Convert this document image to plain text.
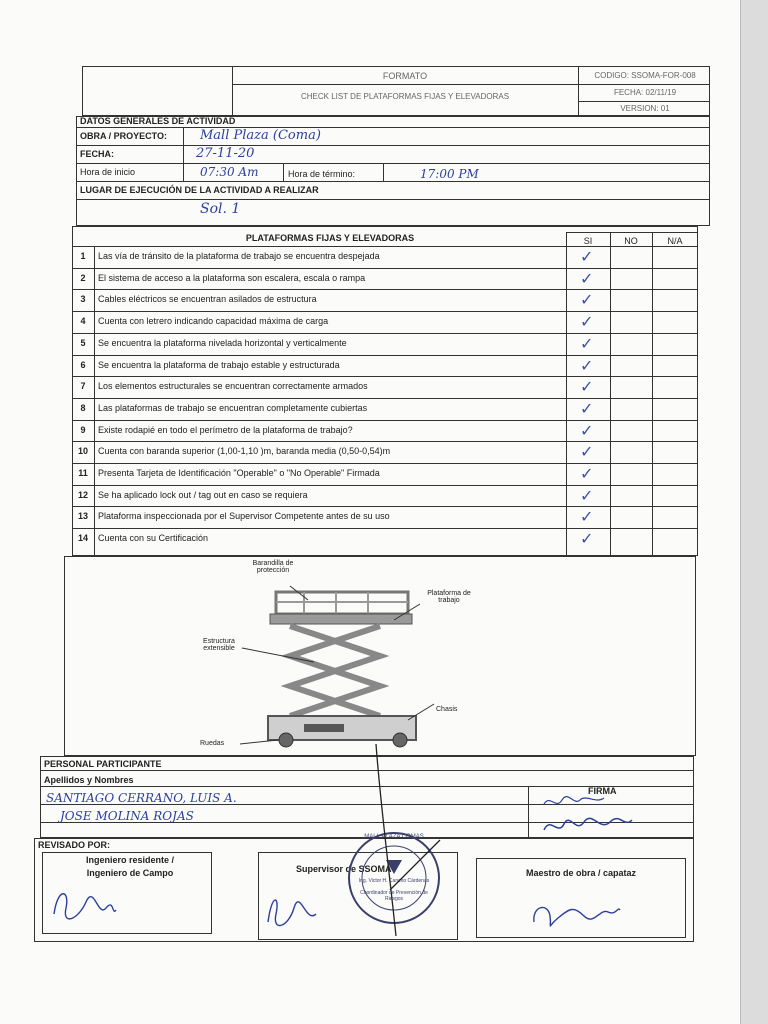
FORMATO
CHECK LIST DE PLATAFORMAS FIJAS Y ELEVADORAS
CODIGO: SSOMA-FOR-008
FECHA: 02/11/19
VERSION: 01
DATOS GENERALES DE ACTIVIDAD
OBRA / PROYECTO:	Mall Plaza (Coma)
FECHA:	27-11-20
Hora de inicio	07:30 Am	Hora de término:	17:00 PM
LUGAR DE EJECUCIÓN DE LA ACTIVIDAD A REALIZAR
Sol. 1
PLATAFORMAS FIJAS Y ELEVADORAS	SI	NO	N/A
1	Las vía de tránsito de la plataforma de trabajo se encuentra despejada	✓
2	El sistema de acceso a la plataforma son escalera, escala o rampa	✓
3	Cables eléctricos se encuentran asilados de estructura	✓
4	Cuenta con letrero indicando capacidad máxima de carga	✓
5	Se encuentra la plataforma nivelada horizontal y verticalmente	✓
6	Se encuentra la plataforma de trabajo estable y estructurada	✓
7	Los elementos estructurales se encuentran correctamente armados	✓
8	Las plataformas de trabajo se encuentran completamente cubiertas	✓
9	Existe rodapié en todo el perímetro de la plataforma de trabajo?	✓
10	Cuenta con baranda superior (1,00-1,10 )m, baranda media (0,50-0,54)m	✓
11	Presenta Tarjeta de Identificación "Operable" o "No Operable" Firmada	✓
12	Se ha aplicado lock out / tag out en caso se requiera	✓
13	Plataforma inspeccionada por el Supervisor Competente antes de su uso	✓
14	Cuenta con su Certificación	✓
Barandilla de protección
Plataforma de trabajo
Estructura extensible
Chasis
Ruedas
PERSONAL PARTICIPANTE
Apellidos y Nombres
FIRMA
SANTIAGO CERRANO, LUIS A.
JOSE MOLINA ROJAS
REVISADO POR:
Ingeniero residente / Ingeniero de Campo	Supervisor de SSOMA	Maestro de obra / capataz
MALL PLAZA COMAS
Ing. Victor H. Cancho Cárdenas
Coordinador de Prevención de Riesgos
